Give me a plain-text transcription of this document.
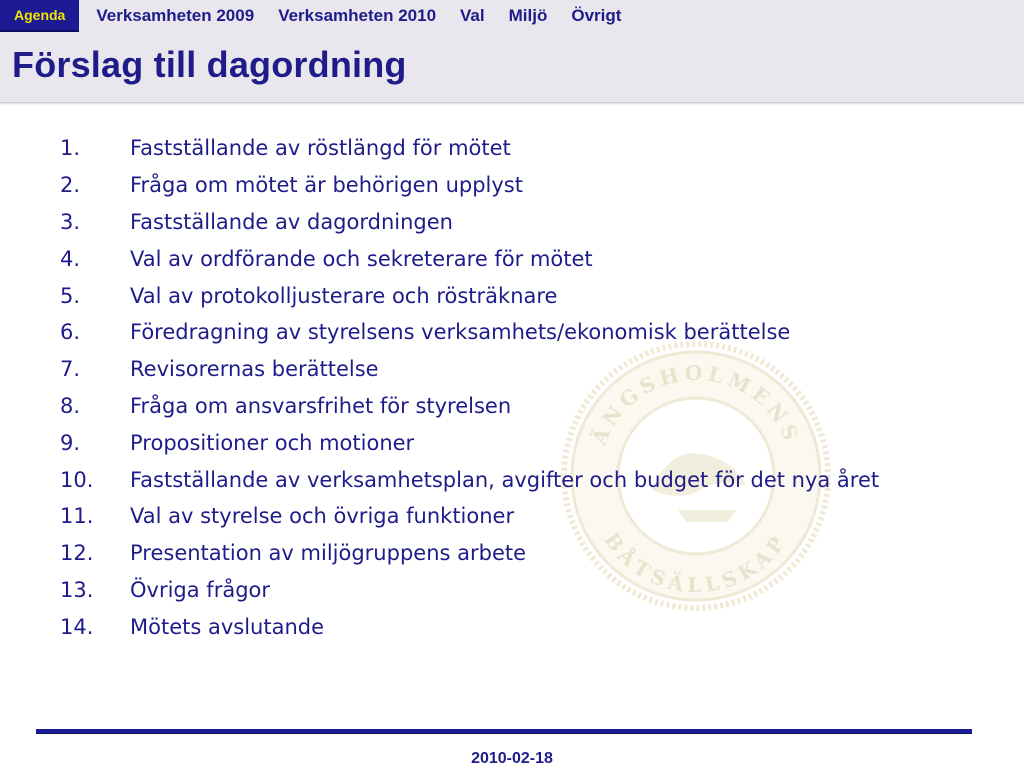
Agenda	Verksamheten 2009	Verksamheten 2010	Val	Miljö	Övrigt
Förslag till dagordning
ÄNGSHOLMENS
BÅTSÄLLSKAP
1.	Fastställande av röstlängd för mötet
2.	Fråga om mötet är behörigen upplyst
3.	Fastställande av dagordningen
4.	Val av ordförande och sekreterare för mötet
5.	Val av protokolljusterare och rösträknare
6.	Föredragning av styrelsens verksamhets/ekonomisk berättelse
7.	Revisorernas berättelse
8.	Fråga om ansvarsfrihet för styrelsen
9.	Propositioner och motioner
10.	Fastställande av verksamhetsplan, avgifter och budget för det nya året
11.	Val av styrelse och övriga funktioner
12.	Presentation av miljögruppens arbete
13.	Övriga frågor
14.	Mötets avslutande
2010-02-18
